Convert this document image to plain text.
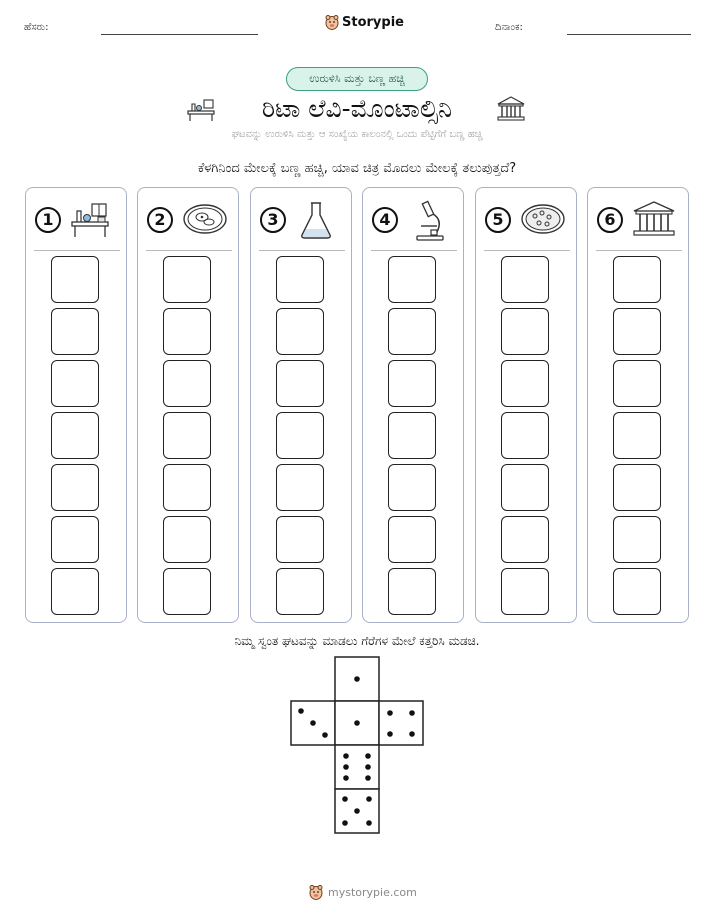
ಹೆಸರು:	Storypie	ದಿನಾಂಕ:
ಉರುಳಿಸಿ ಮತ್ತು ಬಣ್ಣ ಹಚ್ಚಿ
ರಿಟಾ ಲೆವಿ-ಮೊಂಟಾಲ್ಸಿನಿ
ಘಟವನ್ನು ಉರುಳಿಸಿ ಮತ್ತು ಆ ಸಂಖ್ಯೆಯ ಕಾಲಂನಲ್ಲಿ ಒಂದು ಪೆಟ್ಟಿಗೆಗೆ ಬಣ್ಣ ಹಚ್ಚಿ
ಕೆಳಗಿನಿಂದ ಮೇಲಕ್ಕೆ ಬಣ್ಣ ಹಚ್ಚಿ, ಯಾವ ಚಿತ್ರ ಮೊದಲು ಮೇಲಕ್ಕೆ ತಲುಪುತ್ತದೆ?
1	2	3	4	5	6
ನಿಮ್ಮ ಸ್ವಂತ ಘಟವನ್ನು ಮಾಡಲು ಗೆರೆಗಳ ಮೇಲೆ ಕತ್ತರಿಸಿ ಮಡಚಿ.
mystorypie.com
